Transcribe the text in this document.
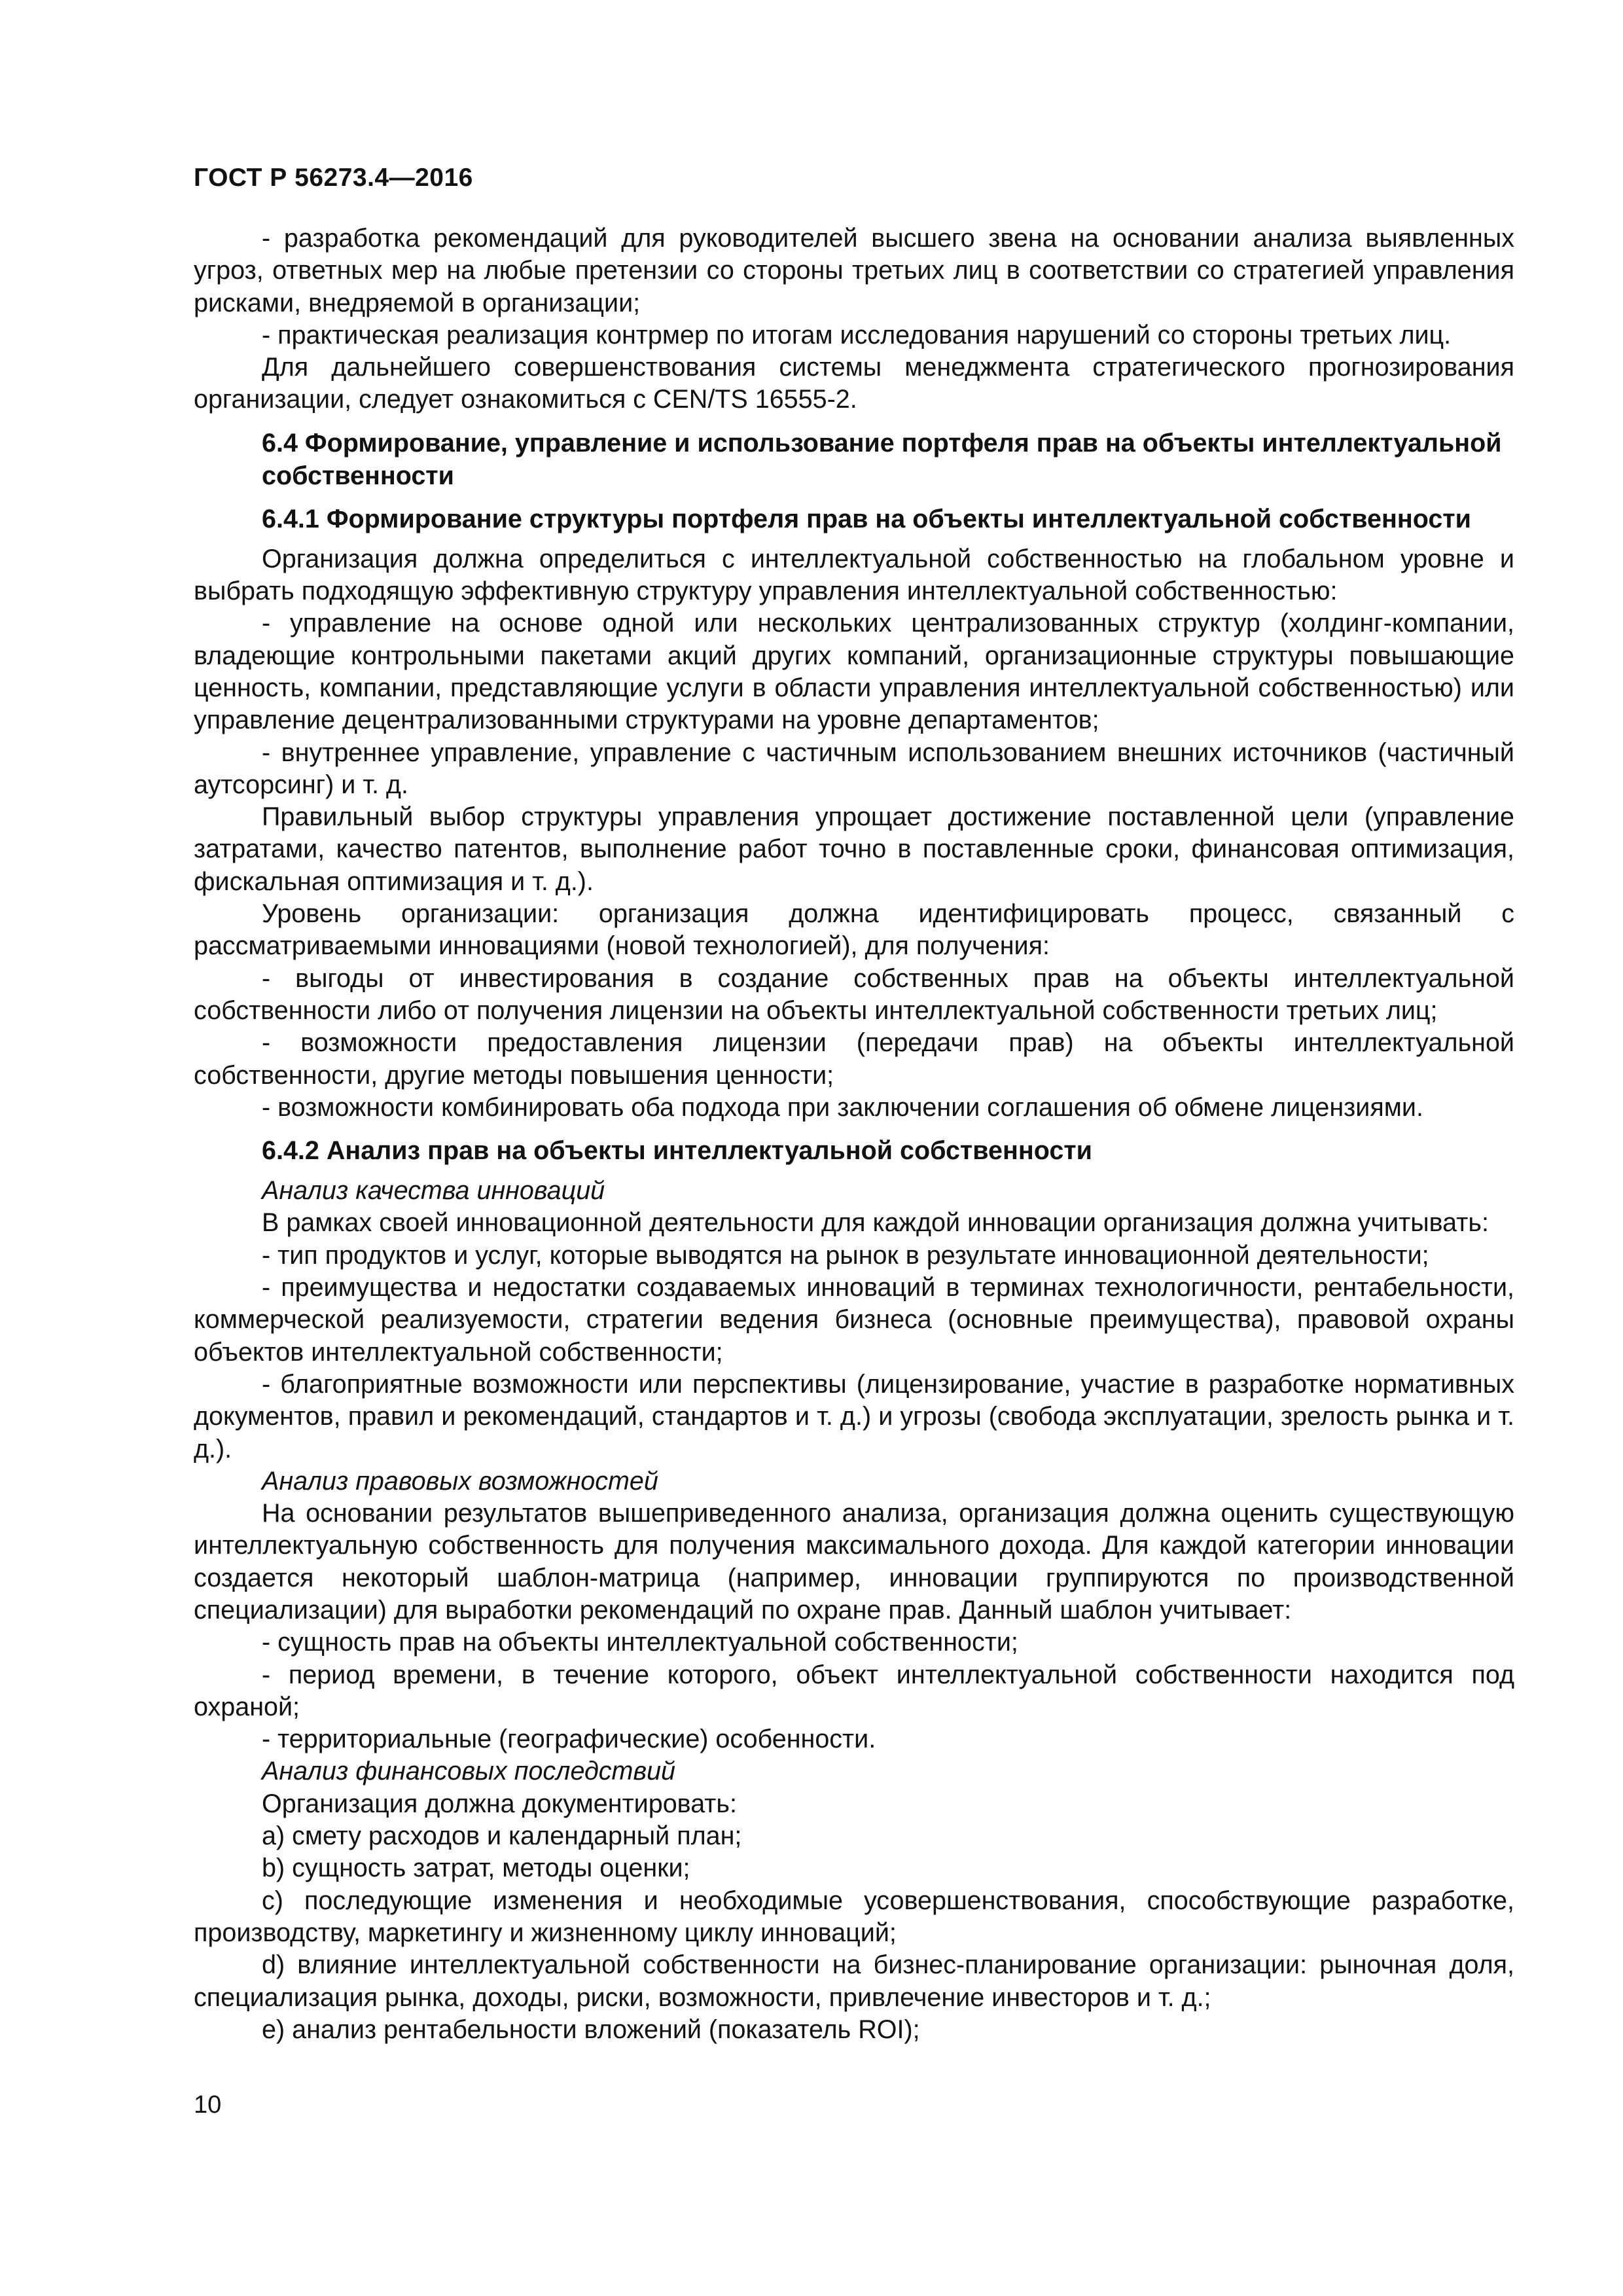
ГОСТ Р 56273.4—2016

- разработка рекомендаций для руководителей высшего звена на основании анализа выявленных угроз, ответных мер на любые претензии со стороны третьих лиц в соответствии со стратегией управления рисками, внедряемой в организации;

- практическая реализация контрмер по итогам исследования нарушений со стороны третьих лиц.

Для дальнейшего совершенствования системы менеджмента стратегического прогнозирования организации, следует ознакомиться с CEN/TS 16555-2.

6.4 Формирование, управление и использование портфеля прав на объекты интеллектуальной собственности

6.4.1 Формирование структуры портфеля прав на объекты интеллектуальной собственности

Организация должна определиться с интеллектуальной собственностью на глобальном уровне и выбрать подходящую эффективную структуру управления интеллектуальной собственностью:

- управление на основе одной или нескольких централизованных структур (холдинг-компании, владеющие контрольными пакетами акций других компаний, организационные структуры повышающие ценность, компании, представляющие услуги в области управления интеллектуальной собственностью) или управление децентрализованными структурами на уровне департаментов;

- внутреннее управление, управление с частичным использованием внешних источников (частичный аутсорсинг) и т. д.

Правильный выбор структуры управления упрощает достижение поставленной цели (управление затратами, качество патентов, выполнение работ точно в поставленные сроки, финансовая оптимизация, фискальная оптимизация и т. д.).

Уровень организации: организация должна идентифицировать процесс, связанный с рассматриваемыми инновациями (новой технологией), для получения:

- выгоды от инвестирования в создание собственных прав на объекты интеллектуальной собственности либо от получения лицензии на объекты интеллектуальной собственности третьих лиц;

- возможности предоставления лицензии (передачи прав) на объекты интеллектуальной собственности, другие методы повышения ценности;

- возможности комбинировать оба подхода при заключении соглашения об обмене лицензиями.

6.4.2 Анализ прав на объекты интеллектуальной собственности

Анализ качества инноваций

В рамках своей инновационной деятельности для каждой инновации организация должна учитывать:

- тип продуктов и услуг, которые выводятся на рынок в результате инновационной деятельности;

- преимущества и недостатки создаваемых инноваций в терминах технологичности, рентабельности, коммерческой реализуемости, стратегии ведения бизнеса (основные преимущества), правовой охраны объектов интеллектуальной собственности;

- благоприятные возможности или перспективы (лицензирование, участие в разработке нормативных документов, правил и рекомендаций, стандартов и т. д.) и угрозы (свобода эксплуатации, зрелость рынка и т. д.).

Анализ правовых возможностей

На основании результатов вышеприведенного анализа, организация должна оценить существующую интеллектуальную собственность для получения максимального дохода. Для каждой категории инновации создается некоторый шаблон-матрица (например, инновации группируются по производственной специализации) для выработки рекомендаций по охране прав. Данный шаблон учитывает:

- сущность прав на объекты интеллектуальной собственности;

- период времени, в течение которого, объект интеллектуальной собственности находится под охраной;

- территориальные (географические) особенности.

Анализ финансовых последствий

Организация должна документировать:

а) смету расходов и календарный план;

b) сущность затрат, методы оценки;

c) последующие изменения и необходимые усовершенствования, способствующие разработке, производству, маркетингу и жизненному циклу инноваций;

d) влияние интеллектуальной собственности на бизнес-планирование организации: рыночная доля, специализация рынка, доходы, риски, возможности, привлечение инвесторов и т. д.;

е) анализ рентабельности вложений (показатель ROI);

10
